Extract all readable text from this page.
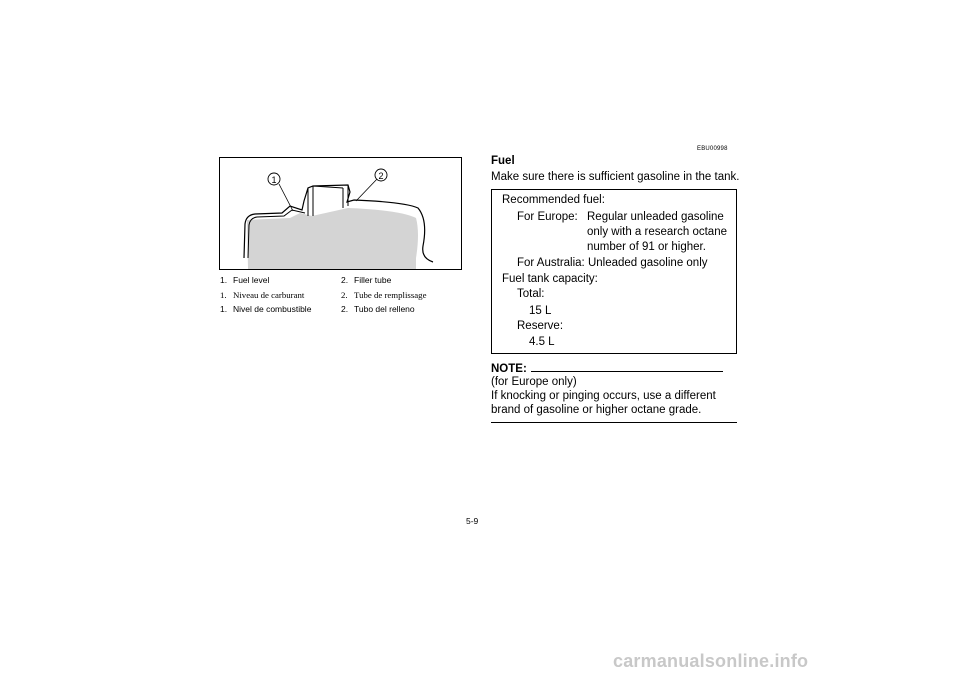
1	2
1. Fuel level	2. Filler tube
1. Niveau de carburant	2. Tube de remplissage
1. Nivel de combustible	2. Tubo del relleno
EBU00998
Fuel
Make sure there is sufficient gasoline in the tank.
Recommended fuel:
For Europe: Regular unleaded gasoline
only with a research octane
number of 91 or higher.
For Australia: Unleaded gasoline only
Fuel tank capacity:
Total:
15 L
Reserve:
4.5 L
NOTE:
(for Europe only)
If knocking or pinging occurs, use a different brand of gasoline or higher octane grade.
5-9
carmanualsonline.info
